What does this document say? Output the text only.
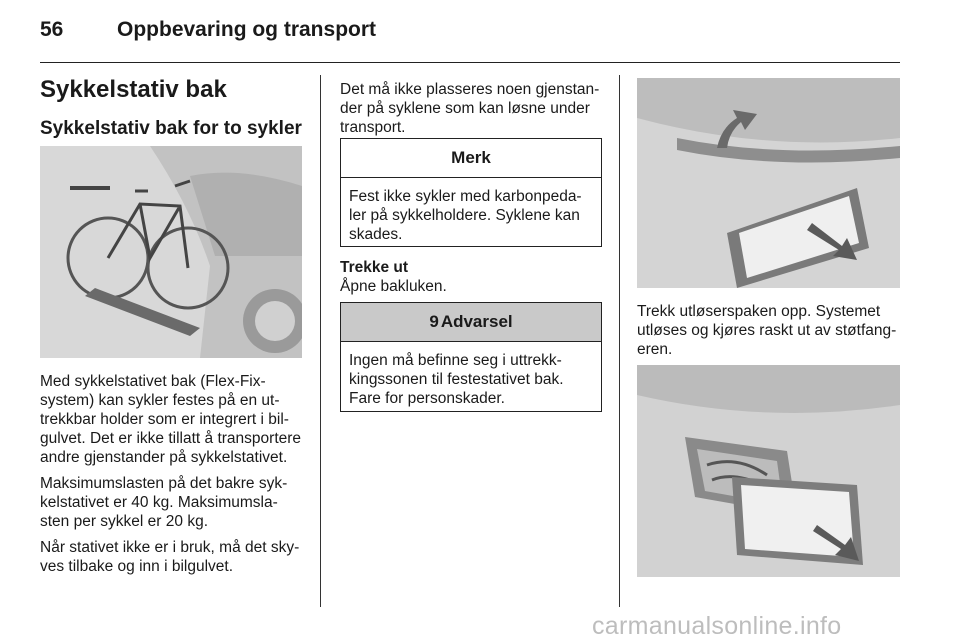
56	Oppbevaring og transport
Sykkelstativ bak
Sykkelstativ bak for to sykler

Med sykkelstativet bak (Flex-Fix-
system) kan sykler festes på en ut-
trekkbar holder som er integrert i bil-
gulvet. Det er ikke tillatt å transportere
andre gjenstander på sykkelstativet.

Maksimumslasten på det bakre syk-
kelstativet er 40 kg. Maksimumsla-
sten per sykkel er 20 kg.

Når stativet ikke er i bruk, må det sky-
ves tilbake og inn i bilgulvet.

Det må ikke plasseres noen gjenstan-
der på syklene som kan løsne under
transport.

Merk
Fest ikke sykler med karbonpeda-
ler på sykkelholdere. Syklene kan
skades.

Trekke ut

Åpne bakluken.

9 Advarsel
Ingen må befinne seg i uttrekk-
kingssonen til festestativet bak.
Fare for personskader.

Trekk utløserspaken opp. Systemet
utløses og kjøres raskt ut av støtfang-
eren.

carmanualsonline.info
